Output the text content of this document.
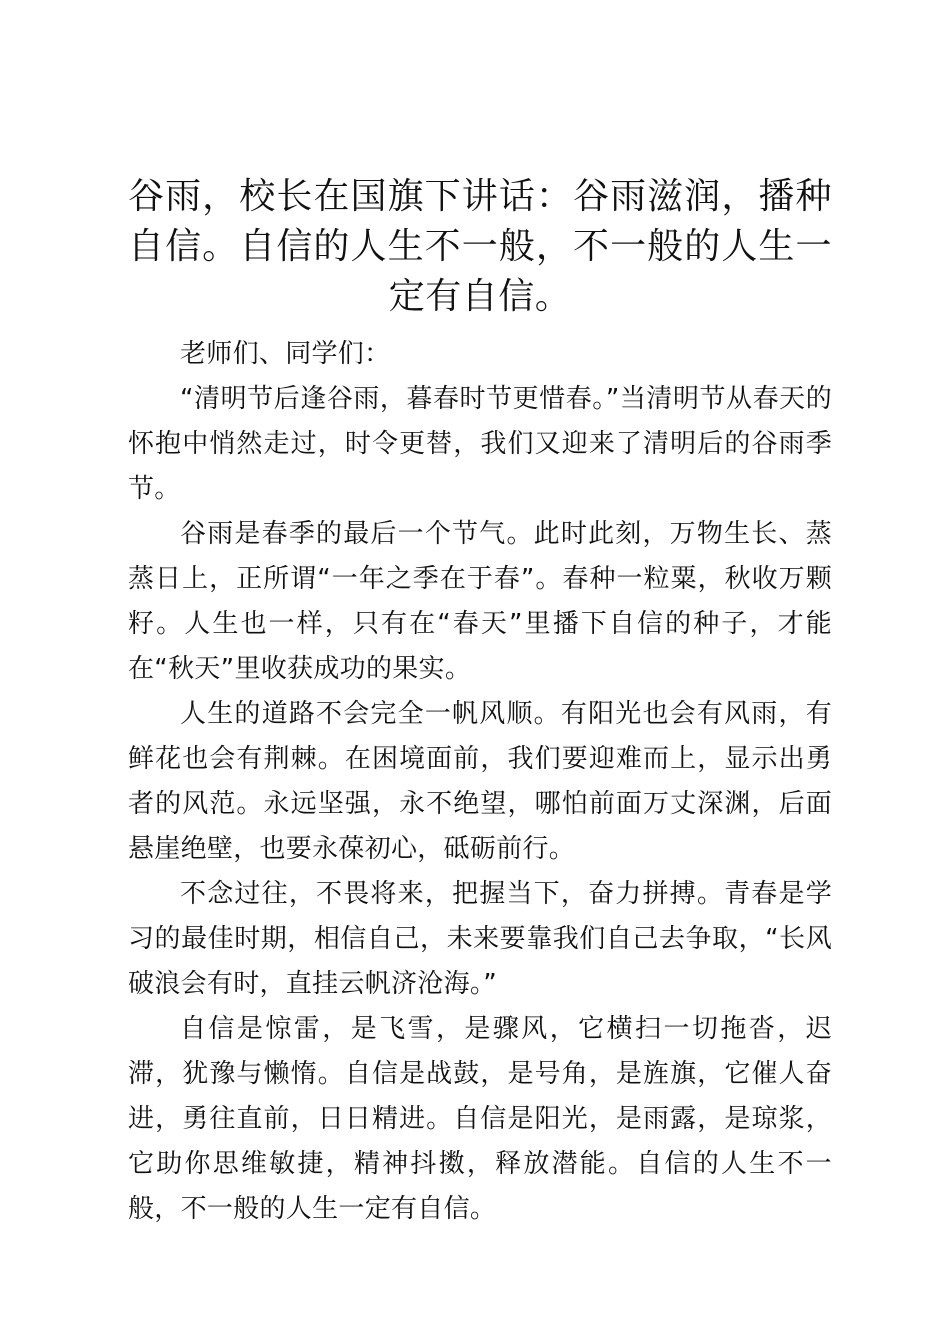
谷雨，校长在国旗下讲话：谷雨滋润，播种自信。自信的人生不一般，不一般的人生一定有自信。

老师们、同学们：

“清明节后逢谷雨，暮春时节更惜春。”当清明节从春天的怀抱中悄然走过，时令更替，我们又迎来了清明后的谷雨季节。

谷雨是春季的最后一个节气。此时此刻，万物生长、蒸蒸日上，正所谓“一年之季在于春”。春种一粒粟，秋收万颗籽。人生也一样，只有在“春天”里播下自信的种子，才能在“秋天”里收获成功的果实。

人生的道路不会完全一帆风顺。有阳光也会有风雨，有鲜花也会有荆棘。在困境面前，我们要迎难而上，显示出勇者的风范。永远坚强，永不绝望，哪怕前面万丈深渊，后面悬崖绝壁，也要永葆初心，砥砺前行。

不念过往，不畏将来，把握当下，奋力拼搏。青春是学习的最佳时期，相信自己，未来要靠我们自己去争取，“长风破浪会有时，直挂云帆济沧海。”

自信是惊雷，是飞雪，是骤风，它横扫一切拖沓，迟滞，犹豫与懒惰。自信是战鼓，是号角，是旌旗，它催人奋进，勇往直前，日日精进。自信是阳光，是雨露，是琼浆，它助你思维敏捷，精神抖擞，释放潜能。自信的人生不一般，不一般的人生一定有自信。
